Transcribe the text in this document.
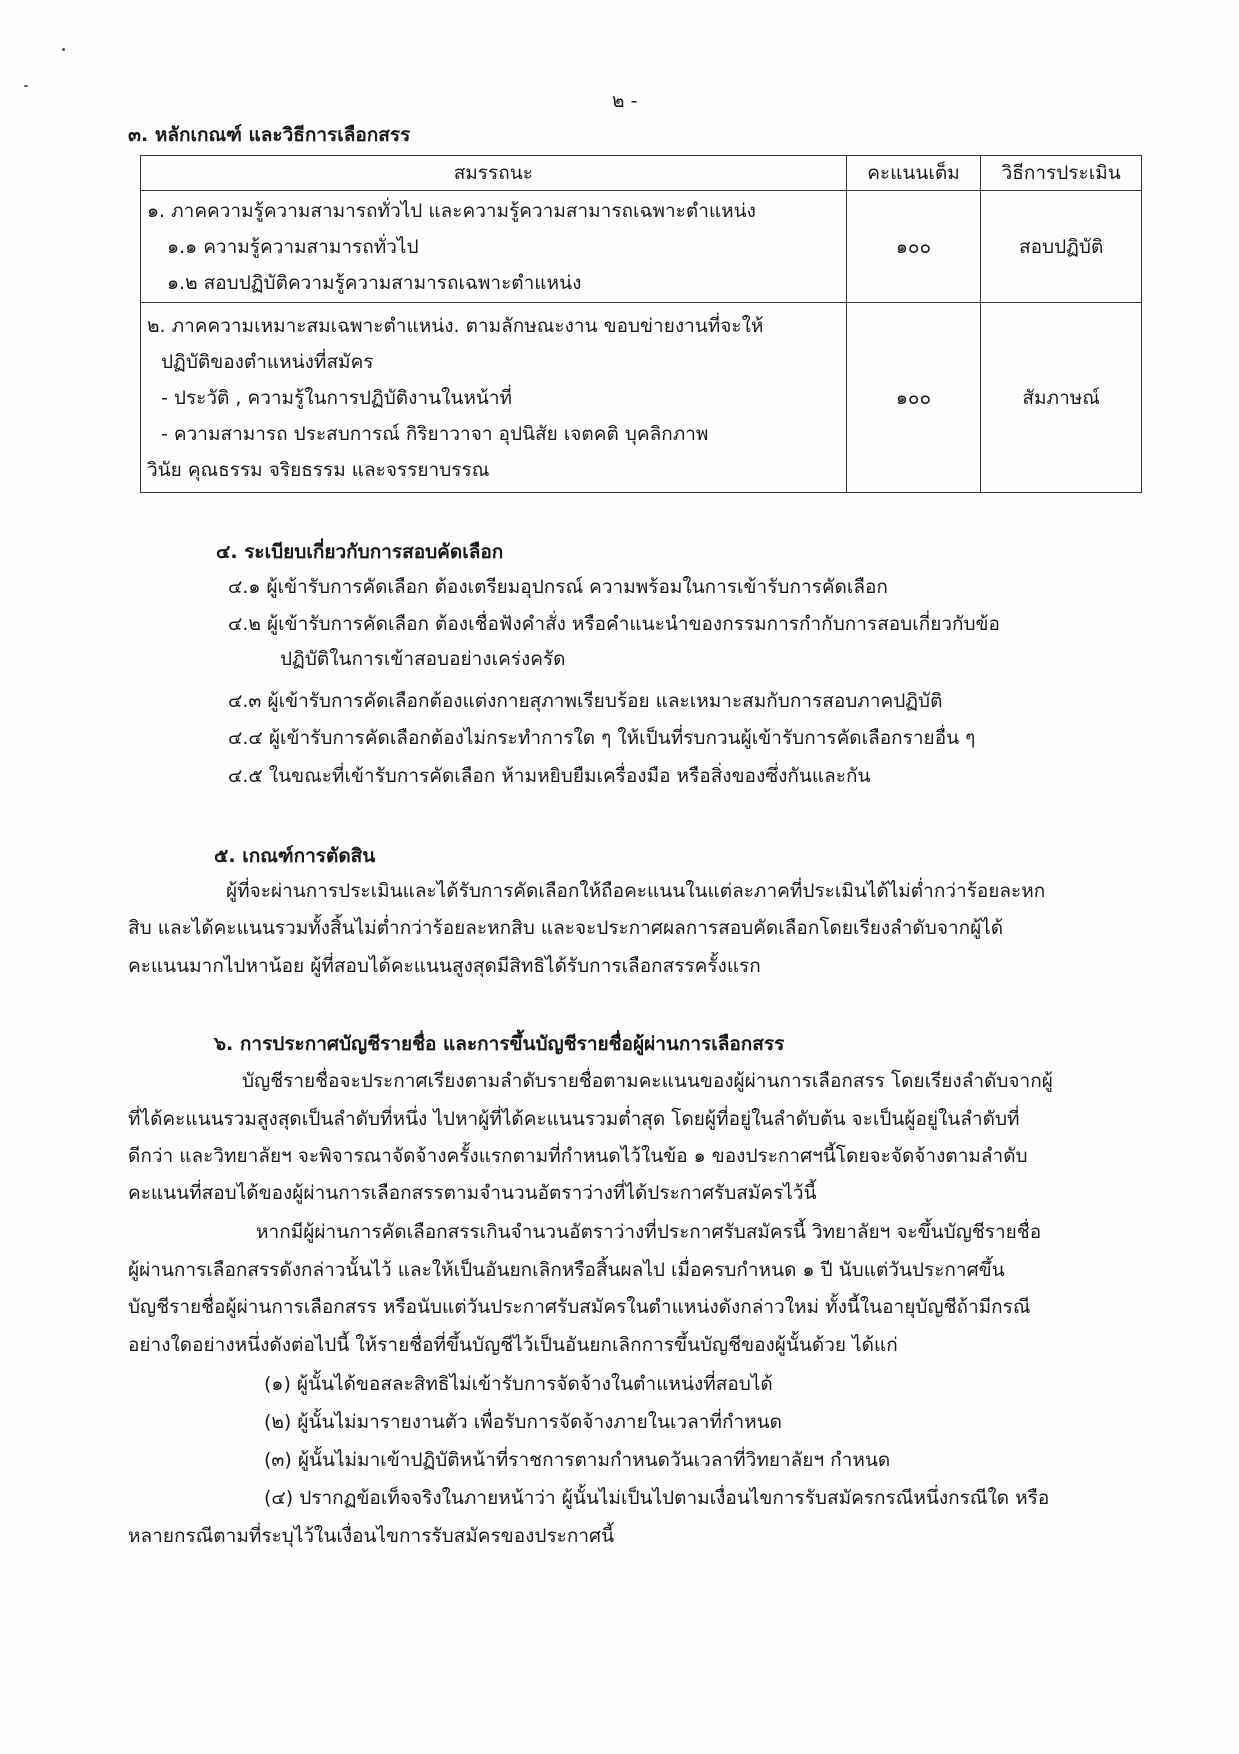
๒ -
๓. หลักเกณฑ์ และวิธีการเลือกสรร
สมรรถนะ	คะแนนเต็ม	วิธีการประเมิน

๑. ภาคความรู้ความสามารถทั่วไป และความรู้ความสามารถเฉพาะตำแหน่ง
๑.๑ ความรู้ความสามารถทั่วไป
๑.๒ สอบปฏิบัติความรู้ความสามารถเฉพาะตำแหน่ง	๑๐๐	สอบปฏิบัติ

๒. ภาคความเหมาะสมเฉพาะตำแหน่ง. ตามลักษณะงาน ขอบข่ายงานที่จะให้
ปฏิบัติของตำแหน่งที่สมัคร
- ประวัติ , ความรู้ในการปฏิบัติงานในหน้าที่
- ความสามารถ ประสบการณ์ กิริยาวาจา อุปนิสัย เจตคติ บุคลิกภาพ
วินัย คุณธรรม จริยธรรม และจรรยาบรรณ	๑๐๐	สัมภาษณ์
๔. ระเบียบเกี่ยวกับการสอบคัดเลือก
๔.๑ ผู้เข้ารับการคัดเลือก ต้องเตรียมอุปกรณ์ ความพร้อมในการเข้ารับการคัดเลือก
๔.๒ ผู้เข้ารับการคัดเลือก ต้องเชื่อฟังคำสั่ง หรือคำแนะนำของกรรมการกำกับการสอบเกี่ยวกับข้อ
ปฏิบัติในการเข้าสอบอย่างเคร่งครัด
๔.๓ ผู้เข้ารับการคัดเลือกต้องแต่งกายสุภาพเรียบร้อย และเหมาะสมกับการสอบภาคปฏิบัติ
๔.๔ ผู้เข้ารับการคัดเลือกต้องไม่กระทำการใด ๆ ให้เป็นที่รบกวนผู้เข้ารับการคัดเลือกรายอื่น ๆ
๔.๕ ในขณะที่เข้ารับการคัดเลือก ห้ามหยิบยืมเครื่องมือ หรือสิ่งของซึ่งกันและกัน
๕. เกณฑ์การตัดสิน
ผู้ที่จะผ่านการประเมินและได้รับการคัดเลือกให้ถือคะแนนในแต่ละภาคที่ประเมินได้ไม่ต่ำกว่าร้อยละหก
สิบ และได้คะแนนรวมทั้งสิ้นไม่ต่ำกว่าร้อยละหกสิบ และจะประกาศผลการสอบคัดเลือกโดยเรียงลำดับจากผู้ได้
คะแนนมากไปหาน้อย ผู้ที่สอบได้คะแนนสูงสุดมีสิทธิได้รับการเลือกสรรครั้งแรก
๖. การประกาศบัญชีรายชื่อ และการขึ้นบัญชีรายชื่อผู้ผ่านการเลือกสรร
บัญชีรายชื่อจะประกาศเรียงตามลำดับรายชื่อตามคะแนนของผู้ผ่านการเลือกสรร โดยเรียงลำดับจากผู้
ที่ได้คะแนนรวมสูงสุดเป็นลำดับที่หนึ่ง ไปหาผู้ที่ได้คะแนนรวมต่ำสุด โดยผู้ที่อยู่ในลำดับต้น จะเป็นผู้อยู่ในลำดับที่
ดีกว่า และวิทยาลัยฯ จะพิจารณาจัดจ้างครั้งแรกตามที่กำหนดไว้ในข้อ ๑ ของประกาศฯนี้โดยจะจัดจ้างตามลำดับ
คะแนนที่สอบได้ของผู้ผ่านการเลือกสรรตามจำนวนอัตราว่างที่ได้ประกาศรับสมัครไว้นี้
หากมีผู้ผ่านการคัดเลือกสรรเกินจำนวนอัตราว่างที่ประกาศรับสมัครนี้ วิทยาลัยฯ จะขึ้นบัญชีรายชื่อ
ผู้ผ่านการเลือกสรรดังกล่าวนั้นไว้ และให้เป็นอันยกเลิกหรือสิ้นผลไป เมื่อครบกำหนด ๑ ปี นับแต่วันประกาศขึ้น
บัญชีรายชื่อผู้ผ่านการเลือกสรร หรือนับแต่วันประกาศรับสมัครในตำแหน่งดังกล่าวใหม่ ทั้งนี้ในอายุบัญชีถ้ามีกรณี
อย่างใดอย่างหนึ่งดังต่อไปนี้ ให้รายชื่อที่ขึ้นบัญชีไว้เป็นอันยกเลิกการขึ้นบัญชีของผู้นั้นด้วย ได้แก่
(๑) ผู้นั้นได้ขอสละสิทธิไม่เข้ารับการจัดจ้างในตำแหน่งที่สอบได้
(๒) ผู้นั้นไม่มารายงานตัว เพื่อรับการจัดจ้างภายในเวลาที่กำหนด
(๓) ผู้นั้นไม่มาเข้าปฏิบัติหน้าที่ราชการตามกำหนดวันเวลาที่วิทยาลัยฯ กำหนด
(๔) ปรากฏข้อเท็จจริงในภายหน้าว่า ผู้นั้นไม่เป็นไปตามเงื่อนไขการรับสมัครกรณีหนึ่งกรณีใด หรือ
หลายกรณีตามที่ระบุไว้ในเงื่อนไขการรับสมัครของประกาศนี้
